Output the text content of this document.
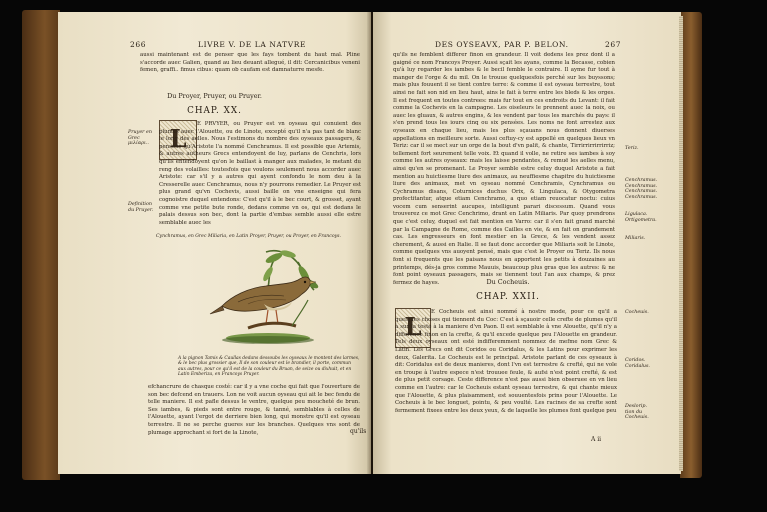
266	LIVRE V. DE LA NATVRE

aussi maintenant est de penser que les fays tombent du haut mal. Pline s'accorde auec Galien, quand au lieu deuant allegué, il dit: Cercanicibus veneni femen, graffi.. fimus cibus: quam ob caufam est damnaturre mesfe.

Du Proyer, Pruyer, ou Pruyer.
CHAP. XX.
Pruyer en Grec μιλίαρι..
Definition du Pruyer.
L	E PRVYER, ou Pruyer est vn oyseau qui conuient des plumes auec l'Alouette, ou de Linote, excepté qu'il n'a pas tant de blanc le long des aelles. Nous l'estimons du nombre des oyseaux passagers, & pensons qu'Aristote l'a nommé Cenchramus. Il est possible que Artemis, & autres autheurs Grecs entendoyent de luy, parlans de Cenchris, lors qu'ils entendoyent qu'on le baillast à manger aux malades, le metant du reng des volailles: toutesfois que voulons seulement nous accorder auec Aristote: car s'il y a autres qui ayent confondu le nom deu à la Cresserelle auec Cenchramus, nous n'y pourrons remedier. Le Pruyer est plus grand qu'vn Cochevis, aussi baille on vne enseigne qui fera cognoistre duquel entendons: C'est qu'il à le bec court, & grosset, ayant comme vne petite bute ronde, dedans comme vn os, qui est dedans le palais dessus son bec, dont la partie d'embas semble aussi elle estre semblable auec les

Cynchramus, en Grec Miliaria, en Latin Proyer, Pruyer, ou Proyer, en Francoys.
A la pignon Tamis & Caullas dedans dessoubs les oyseaux le montent des larmes, & le bec plus grossier que, Il de son couleur est le brandier, il porte, commun aux autres, pour ce qu'il est de la couleur du Bruan, de seize ou dixhuit, et en Latin Emberiza, en Francoys Pruyer.

efchancrure de chasque costé: car il y a vne coche qui fait que l'ouverture de son bec defcend en trauers. Lon ne voit aucun oyseau qui ait le bec fendu de telle maniere. Il est pafle dessus le ventre, quelque peu moucheté de brun. Ses iambes, & pieds sont entre rouge, & tanné, semblables à celles de l'Alouette, ayant l'ergot de derriere bien long, qui monstre qu'il est oyseau terrestre. Il ne se perche gueres sur les branches. Quelques vns sont de plumage approchant si fort de la Linote,	qu'ils
DES OYSEAVX, PAR P. BELON.	267

qu'ils ne femblent differer finon en grandeur. Il voit dedens les prez dont il a gaigné ce nom Francoys Proyer. Aussi sçait les ayans, comme la Becasse, cobien qu'à luy regarder les iambes & le becil femble le contraire. Il ayme fur tout à manger de l'orge & du mil. On le trouue quelquesfois perché sur les buyssons; mais plus fouuent il se tient contre terre: & comme il est oyseau terrestre, tout ainsi ne fait son nid en lieu haut, ains le fait à terre entre les bleds & les orges. Il est frequent en toutes contrees: mais fur tout en ces endroits du Levant: il fait comme la Cochevis en la campagne. Les oiseleurs le prennent auec la noix, ou auec les gluaux, & autres engins, & les vendent par tous les marchés du pays: il s'en prend tous les iours cinq ou six pensées. Les noms ne font arrestez aux oyseaux en chaque lieu, mais les plus sçauans nous donnent diuerses appellations en meilleure sorte. Aussi ceftuy-cy est appellé en quelques lieux vn Teriz: car il se mect sur un orge de la bout d'vn palit, & chante, Tirrirrirrirrirriz; tellement fort seurement telle voix. Et quand il volle, ne retire ses iambes à soy comme les autres oyseaux: mais les laisse pendantes, & remuë les aelles menu, ainsi qu'en se promenant. Le Proyer semble estre celuy duquel Aristote a fait mention au huictiesme liure des animaux, au neuffiesme chapitre du huictiesme liure des animaux, met vn oyseau nommé Cenchramis, Cynchramus ou Cychramus disans, Coturnices duchus Orix, & Lingulaca, & Otygometra profectitantur, atque etiam Cenchramo, a quo etiam reuocatur noctu: cuius vocem cum senserint aucupes, intelligunt parari discessum. Quand vous trouverez ce mot Grec Cenchrimo, drant en Latin Miliaris. Par quoy prendrons que c'est celuy, duquel est fait mention en Varro: car il s'en fait grand marché par la Campagne de Rome, comme des Cailles en vie, & en fait on grandement cas. Les engresseurs en font mestier en la Grece, & les vendent assez cherement, & aussi en Italie. Il se faut donc accorder que Miliaris soit le Linote, comme quelques vns auoyent pensé, mais que c'est le Proyer ou Teriz. Ils nous font si frequents que les paisans nous en apportent les petits à douzaines au printemps, dés-ja gros comme Mauuis, beaucoup plus gras que les autres: & ne font point oyseaux passagers, mais se tiennent tout l'an aux champs, & prez fermez de hayes.

Teriz.
Cenchramus. Cenchramus. Cenchramus. Cenchramus.
Ligulaca. Ortigometra.
Miliaris.
Du Cocheuis.
CHAP. XXII.
L	E Cocheuis est ainsi nommé à nostre mode, pour ce qu'il a quelques choses qui tiennent du Coc: C'est à sçauoir celle crefte de plumes qu'il à sur la teste à la maniere d'vn Paon. Il est semblable à vne Alouette, qu'il n'y a difference finon en la crefte, & qu'il excede quelque peu l'Alouette en grandeur. Tels deux oyseaux ont esté indifferemment nommez de mefme nom Grec & Latin. Les Grecs ont dit Coridos ou Coridalus, & les Latins pour exprimer les deux, Galerita. Le Cocheuis est le principal. Aristote parlant de ces oyseaux à dit: Coridalus est de deux manieres, dont l'vn est terrestre & crefté, qui ne vole en troupe à l'autre espece n'est trouuee feule, & aufsi n'est point crefté, & est de plus petit corsage. Ceste difference n'est pas aussi bien obseruee en vn lieu comme en l'autre: car le Cocheuis estant oyseau terrestre, & qui chante mieux que l'Alouette, & plus plaisamment, est souuentesfois prins pour l'Alouette. Le Cocheuis à le bec longuet, pointu, & peu voulté. Les racines de sa crefte sont fermement fixees entre les deux yeux, & de laquelle les plumes font quelque peu

Cocheuis.
Coridos. Coridalus.
Deslorip. tion du Cocheuis.
A ii
